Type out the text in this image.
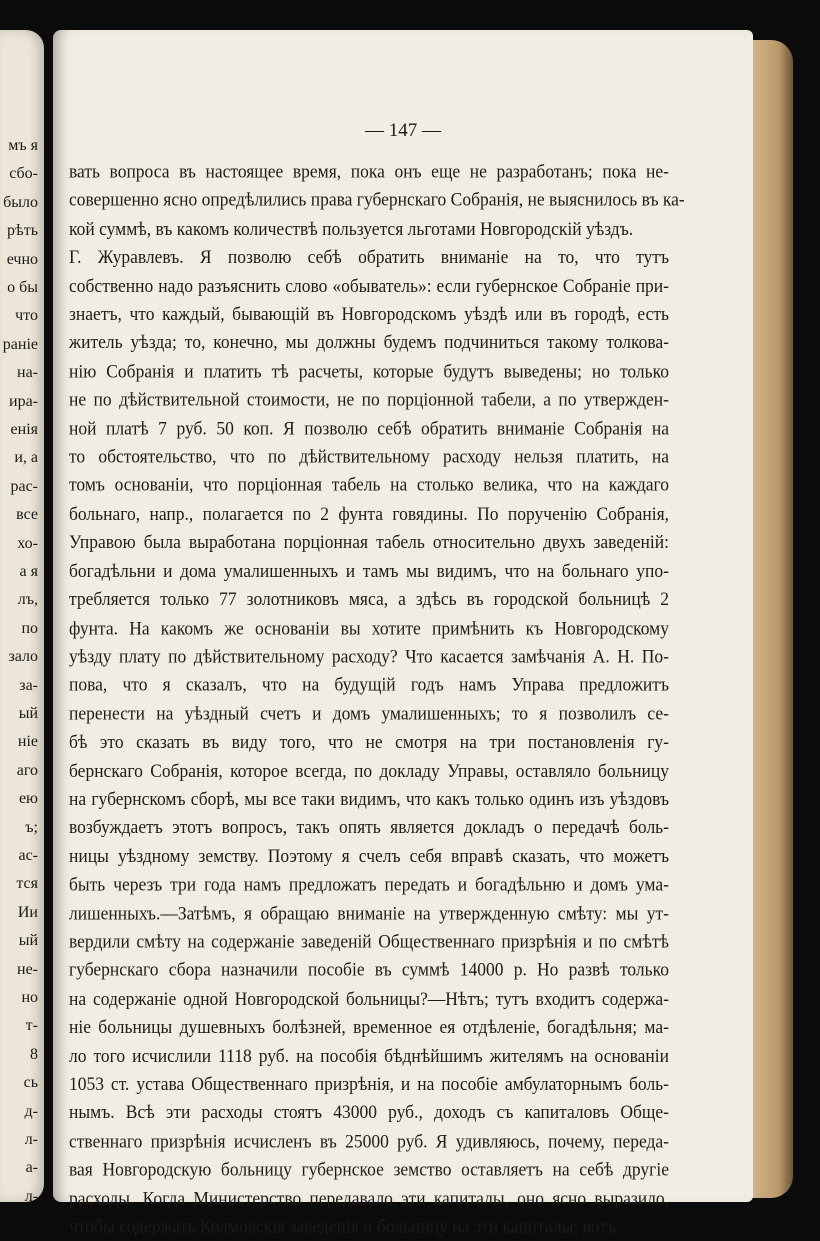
мъ я
сбо-
было
рѣть
ечно
о бы
что
ранiе
на-
ира-
енiя
и, а
рас-
все
хо-
а я
лъ,
по
зало
за-
ый
нiе
аго
ею
ъ;
ас-
тся
Ии
ый
не-
но
т-
8
сь
д-
л-
а-
л-
— 147 —
вать вопроса въ настоящее время, пока онъ еще не разработанъ; пока не-
совершенно ясно опредѣлились права губернскаго Собранiя, не выяснилось въ ка-
кой суммѣ, въ какомъ количествѣ пользуется льготами Новгородскiй уѣздъ.
Г. Журавлевъ. Я позволю себѣ обратить вниманiе на то, что тутъ
собственно надо разъяснить слово «обыватель»: если губернское Собранiе при-
знаетъ, что каждый, бывающiй въ Новгородскомъ уѣздѣ или въ городѣ, есть
житель уѣзда; то, конечно, мы должны будемъ подчиниться такому толкова-
нiю Собранiя и платить тѣ расчеты, которые будутъ выведены; но только
не по дѣйствительной стоимости, не по порцiонной табели, а по утвержден-
ной платѣ 7 руб. 50 коп. Я позволю себѣ обратить вниманiе Собранiя на
то обстоятельство, что по дѣйствительному расходу нельзя платить, на
томъ основанiи, что порцiонная табель на столько велика, что на каждаго
больнаго, напр., полагается по 2 фунта говядины. По порученiю Собранiя,
Управою была выработана порцiонная табель относительно двухъ заведенiй:
богадѣльни и дома умалишенныхъ и тамъ мы видимъ, что на больнаго упо-
требляется только 77 золотниковъ мяса, а здѣсь въ городской больницѣ 2
фунта. На какомъ же основанiи вы хотите примѣнить къ Новгородскому
уѣзду плату по дѣйствительному расходу? Что касается замѣчанiя А. Н. По-
пова, что я сказалъ, что на будущiй годъ намъ Управа предложитъ
перенести на уѣздный счетъ и домъ умалишенныхъ; то я позволилъ се-
бѣ это сказать въ виду того, что не смотря на три постановленiя гу-
бернскаго Собранiя, которое всегда, по докладу Управы, оставляло больницу
на губернскомъ сборѣ, мы все таки видимъ, что какъ только одинъ изъ уѣздовъ
возбуждаетъ этотъ вопросъ, такъ опять является докладъ о передачѣ боль-
ницы уѣздному земству. Поэтому я счелъ себя вправѣ сказать, что можетъ
быть черезъ три года намъ предложатъ передать и богадѣльню и домъ ума-
лишенныхъ.—Затѣмъ, я обращаю вниманiе на утвержденную смѣту: мы ут-
вердили смѣту на содержанiе заведенiй Общественнаго призрѣнiя и по смѣтѣ
губернскаго сбора назначили пособiе въ суммѣ 14000 р. Но развѣ только
на содержанiе одной Новгородской больницы?—Нѣтъ; тутъ входитъ содержа-
нiе больницы душевныхъ болѣзней, временное ея отдѣленiе, богадѣльня; ма-
ло того исчислили 1118 руб. на пособiя бѣднѣйшимъ жителямъ на основанiи
1053 ст. устава Общественнаго призрѣнiя, и на пособiе амбулаторнымъ боль-
нымъ. Всѣ эти расходы стоятъ 43000 руб., доходъ съ капиталовъ Обще-
ственнаго призрѣнiя исчисленъ въ 25000 руб. Я удивляюсь, почему, переда-
вая Новгородскую больницу губернское земство оставляетъ на себѣ другiе
расходы. Когда Министерство передавало эти капиталы, оно ясно выразило,
чтобы содержать Колмовскiя заведенiя и больницу на эти капиталы; вотъ
